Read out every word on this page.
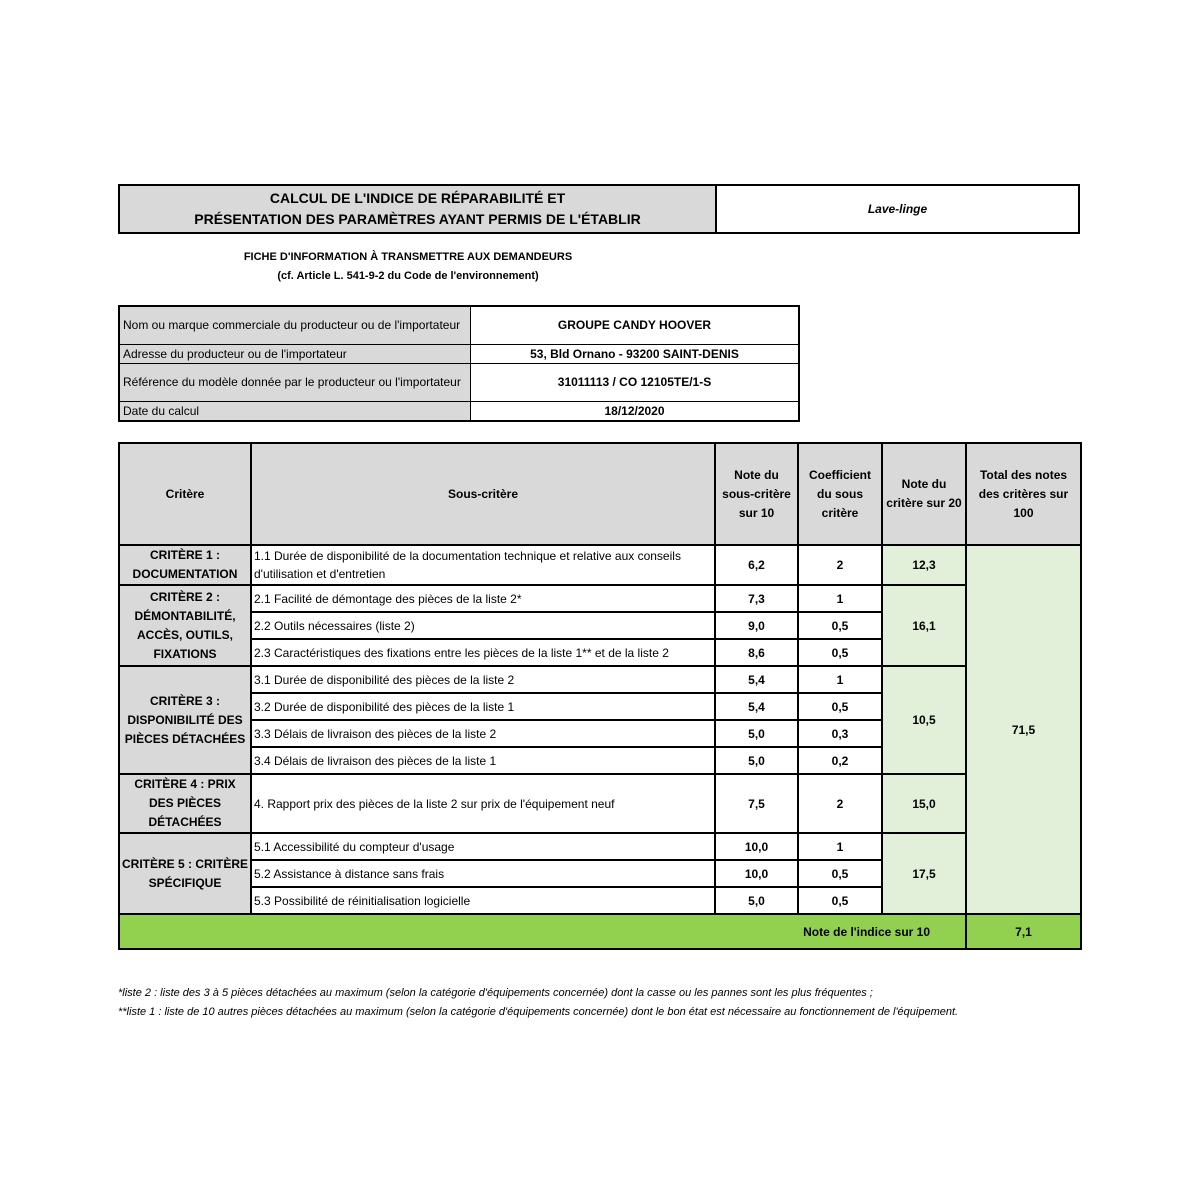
CALCUL DE L'INDICE DE RÉPARABILITÉ ET
PRÉSENTATION DES PARAMÈTRES AYANT PERMIS DE L'ÉTABLIR
	Lave-linge
FICHE D'INFORMATION À TRANSMETTRE AUX DEMANDEURS
(cf. Article L. 541-9-2 du Code de l'environnement)
Nom ou marque commerciale du producteur ou de l'importateur	GROUPE CANDY HOOVER
Adresse du producteur ou de l'importateur	53, Bld Ornano - 93200 SAINT-DENIS
Référence du modèle donnée par le producteur ou l'importateur	31011113 / CO 12105TE/1-S
Date du calcul	18/12/2020
Critère	Sous-critère	Note du sous-critère sur 10	Coefficient du sous critère	Note du critère sur 20	Total des notes des critères sur 100
CRITÈRE 1 : DOCUMENTATION	1.1 Durée de disponibilité de la documentation technique et relative aux conseils d'utilisation et d'entretien	6,2	2	12,3	71,5
CRITÈRE 2 : DÉMONTABILITÉ, ACCÈS, OUTILS, FIXATIONS	2.1 Facilité de démontage des pièces de la liste 2*	7,3	1	16,1	
	2.2 Outils nécessaires (liste 2)	9,0	0,5		
	2.3 Caractéristiques des fixations entre les pièces de la liste 1** et de la liste 2	8,6	0,5		
CRITÈRE 3 : DISPONIBILITÉ DES PIÈCES DÉTACHÉES	3.1 Durée de disponibilité des pièces de la liste 2	5,4	1	10,5	
	3.2 Durée de disponibilité des pièces de la liste 1	5,4	0,5		
	3.3 Délais de livraison des pièces de la liste 2	5,0	0,3		
	3.4 Délais de livraison des pièces de la liste 1	5,0	0,2		
CRITÈRE 4 : PRIX DES PIÈCES DÉTACHÉES	4. Rapport prix des pièces de la liste 2 sur prix de l'équipement neuf	7,5	2	15,0	
CRITÈRE 5 : CRITÈRE SPÉCIFIQUE	5.1 Accessibilité du compteur d'usage	10,0	1	17,5	
	5.2 Assistance à distance sans frais	10,0	0,5		
	5.3 Possibilité de réinitialisation logicielle	5,0	0,5		
Note de l'indice sur 10					7,1
*liste 2 : liste des 3 à 5 pièces détachées au maximum (selon la catégorie d'équipements concernée) dont la casse ou les pannes sont les plus fréquentes ;
**liste 1 : liste de 10 autres pièces détachées au maximum (selon la catégorie d'équipements concernée) dont le bon état est nécessaire au fonctionnement de l'équipement.
